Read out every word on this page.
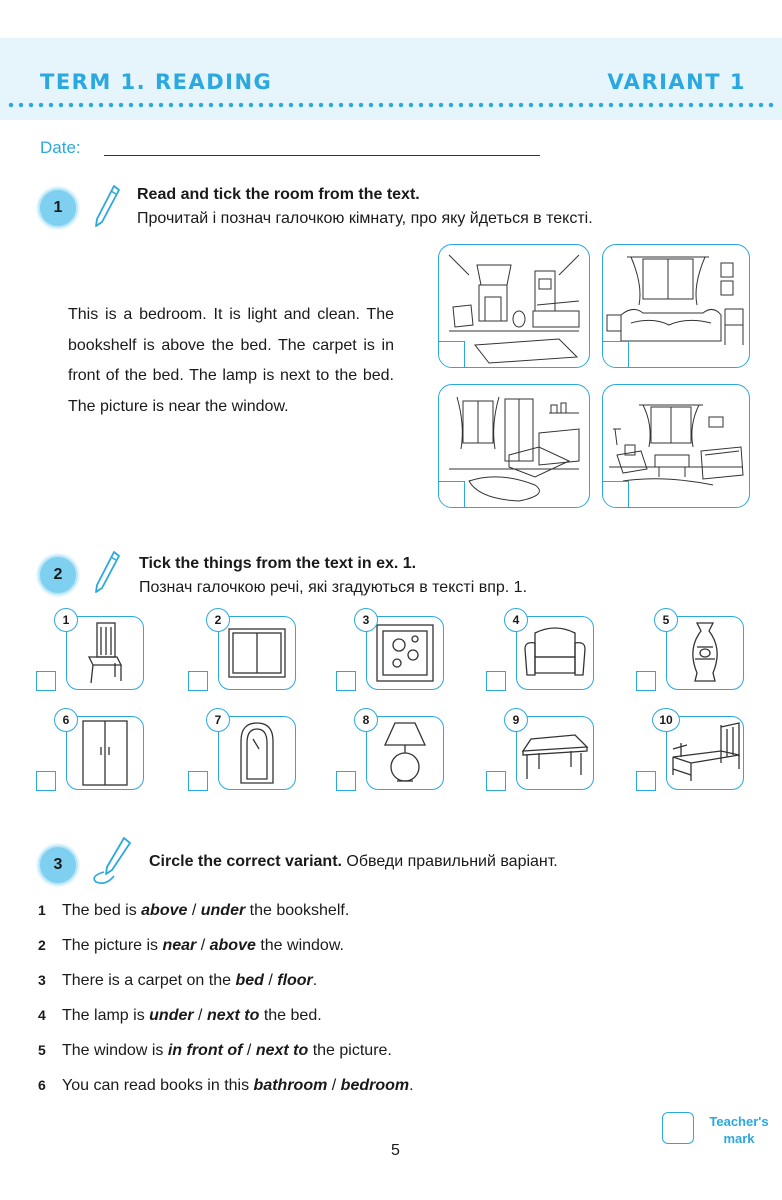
TERM 1. READING	VARIANT 1
Date:
1
Read and tick the room from the text.
Прочитай і познач галочкою кімнату, про яку йдеться в тексті.
This is a bedroom. It is light and clean. The bookshelf is above the bed. The carpet is in front of the bed. The lamp is next to the bed. The picture is near the window.
2
Tick the things from the text in ex. 1.
Познач галочкою речі, які згадуються в тексті впр. 1.
1	2	3	4	5
6	7	8	9	10
3	Circle the correct variant. Обведи правильний варіант.
1 The bed is above / under the bookshelf.
2 The picture is near / above the window.
3 There is a carpet on the bed / floor.
4 The lamp is under / next to the bed.
5 The window is in front of / next to the picture.
6 You can read books in this bathroom / bedroom.
Teacher's mark
5
